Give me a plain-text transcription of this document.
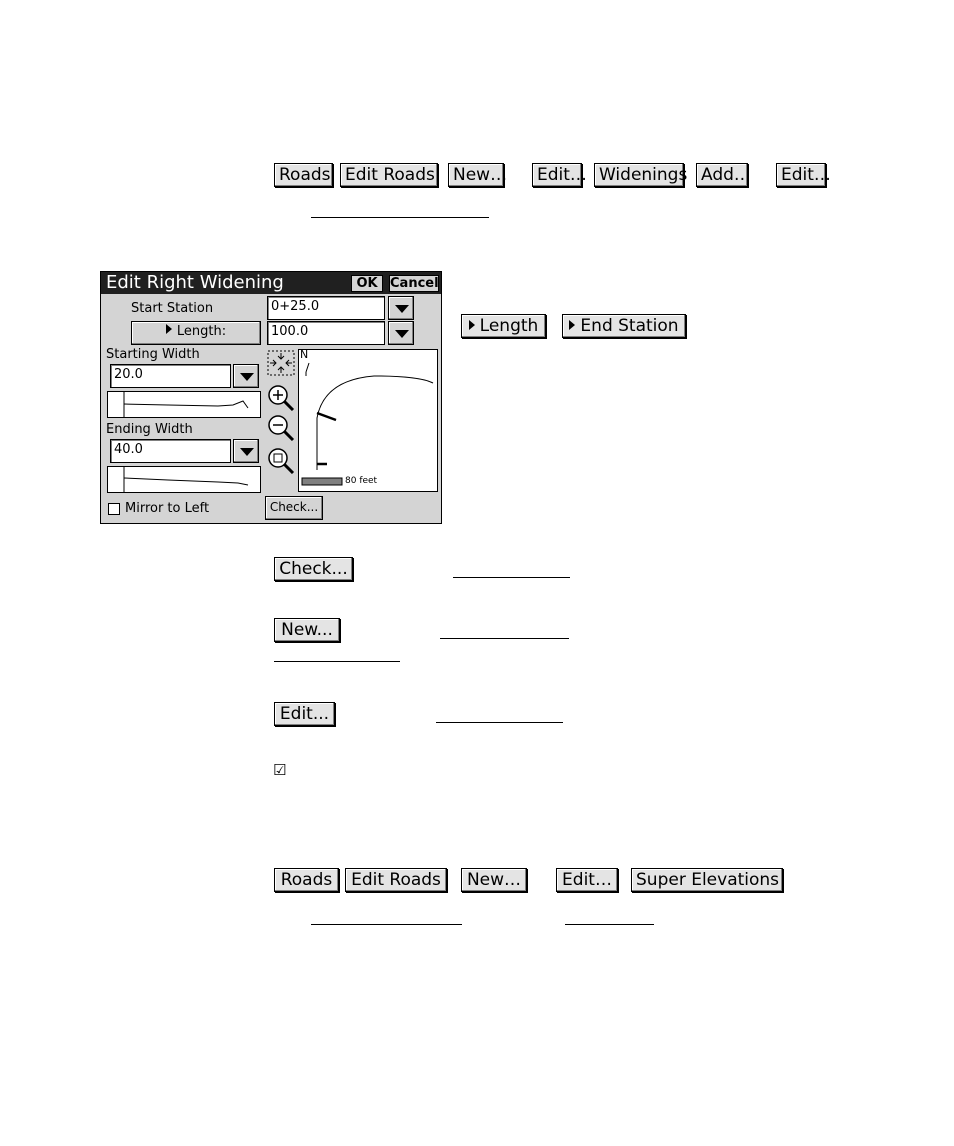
Roads Edit Roads New… Edit… Widenings Add… Edit…
Edit Right Widening	OK Cancel
Start Station	0+25.0
Length:	100.0
Starting Width
20.0
Ending Width
40.0
N
80 feet
Mirror to Left	Check...
Length	End Station
Check...
New...
Edit...
☑
Roads	Edit Roads	New…	Edit…	Super Elevations
